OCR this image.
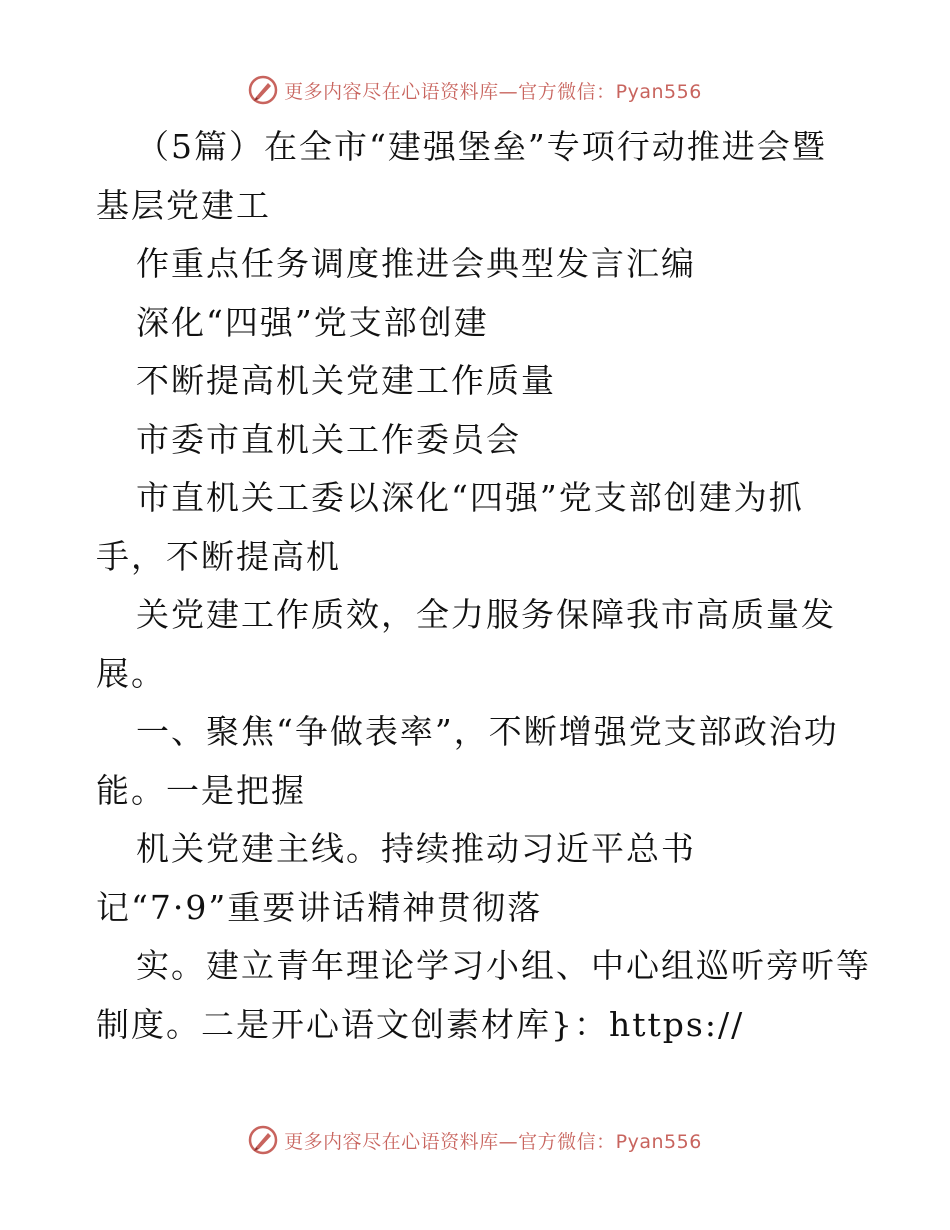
更多内容尽在心语资料库—官方微信：Pyan556
（5篇）在全市“建强堡垒”专项行动推进会暨
基层党建工
作重点任务调度推进会典型发言汇编
深化“四强”党支部创建
不断提高机关党建工作质量
市委市直机关工作委员会
市直机关工委以深化“四强”党支部创建为抓
手，不断提高机
关党建工作质效，全力服务保障我市高质量发
展。
一、聚焦“争做表率”，不断增强党支部政治功
能。一是把握
机关党建主线。持续推动习近平总书
记“7·9”重要讲话精神贯彻落
实。建立青年理论学习小组、中心组巡听旁听等
制度。二是开心语文创素材库}：https://
更多内容尽在心语资料库—官方微信：Pyan556
